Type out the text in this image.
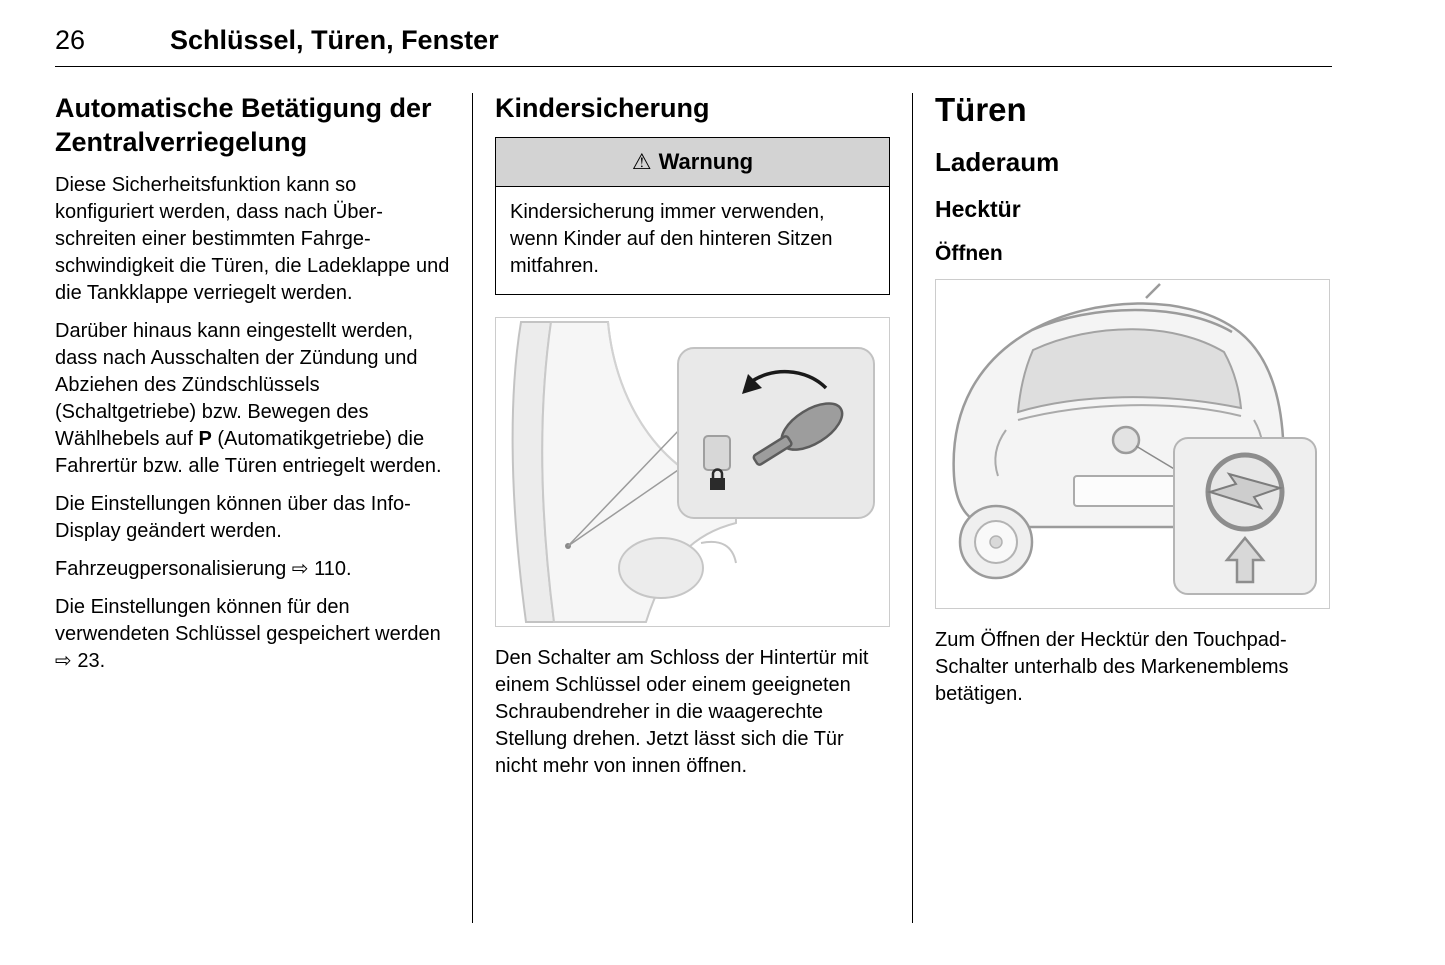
26	Schlüssel, Türen, Fenster
Automatische Betätigung der Zentralverriegelung

Diese Sicherheitsfunktion kann so konfiguriert werden, dass nach Überschreiten einer bestimmten Fahrgeschwindigkeit die Türen, die Ladeklappe und die Tankklappe verriegelt werden.

Darüber hinaus kann eingestellt werden, dass nach Ausschalten der Zündung und Abziehen des Zündschlüssels (Schaltgetriebe) bzw. Bewegen des Wählhebels auf P (Automatikgetriebe) die Fahrertür bzw. alle Türen entriegelt werden.

Die Einstellungen können über das Info-Display geändert werden.

Fahrzeugpersonalisierung ⇨ 110.

Die Einstellungen können für den verwendeten Schlüssel gespeichert werden ⇨ 23.

Kindersicherung
⚠ Warnung

Kindersicherung immer verwenden, wenn Kinder auf den hinteren Sitzen mitfahren.

Den Schalter am Schloss der Hintertür mit einem Schlüssel oder einem geeigneten Schraubendreher in die waagerechte Stellung drehen. Jetzt lässt sich die Tür nicht mehr von innen öffnen.

Türen
Laderaum
Hecktür
Öffnen

Zum Öffnen der Hecktür den Touchpad-Schalter unterhalb des Markenemblems betätigen.
